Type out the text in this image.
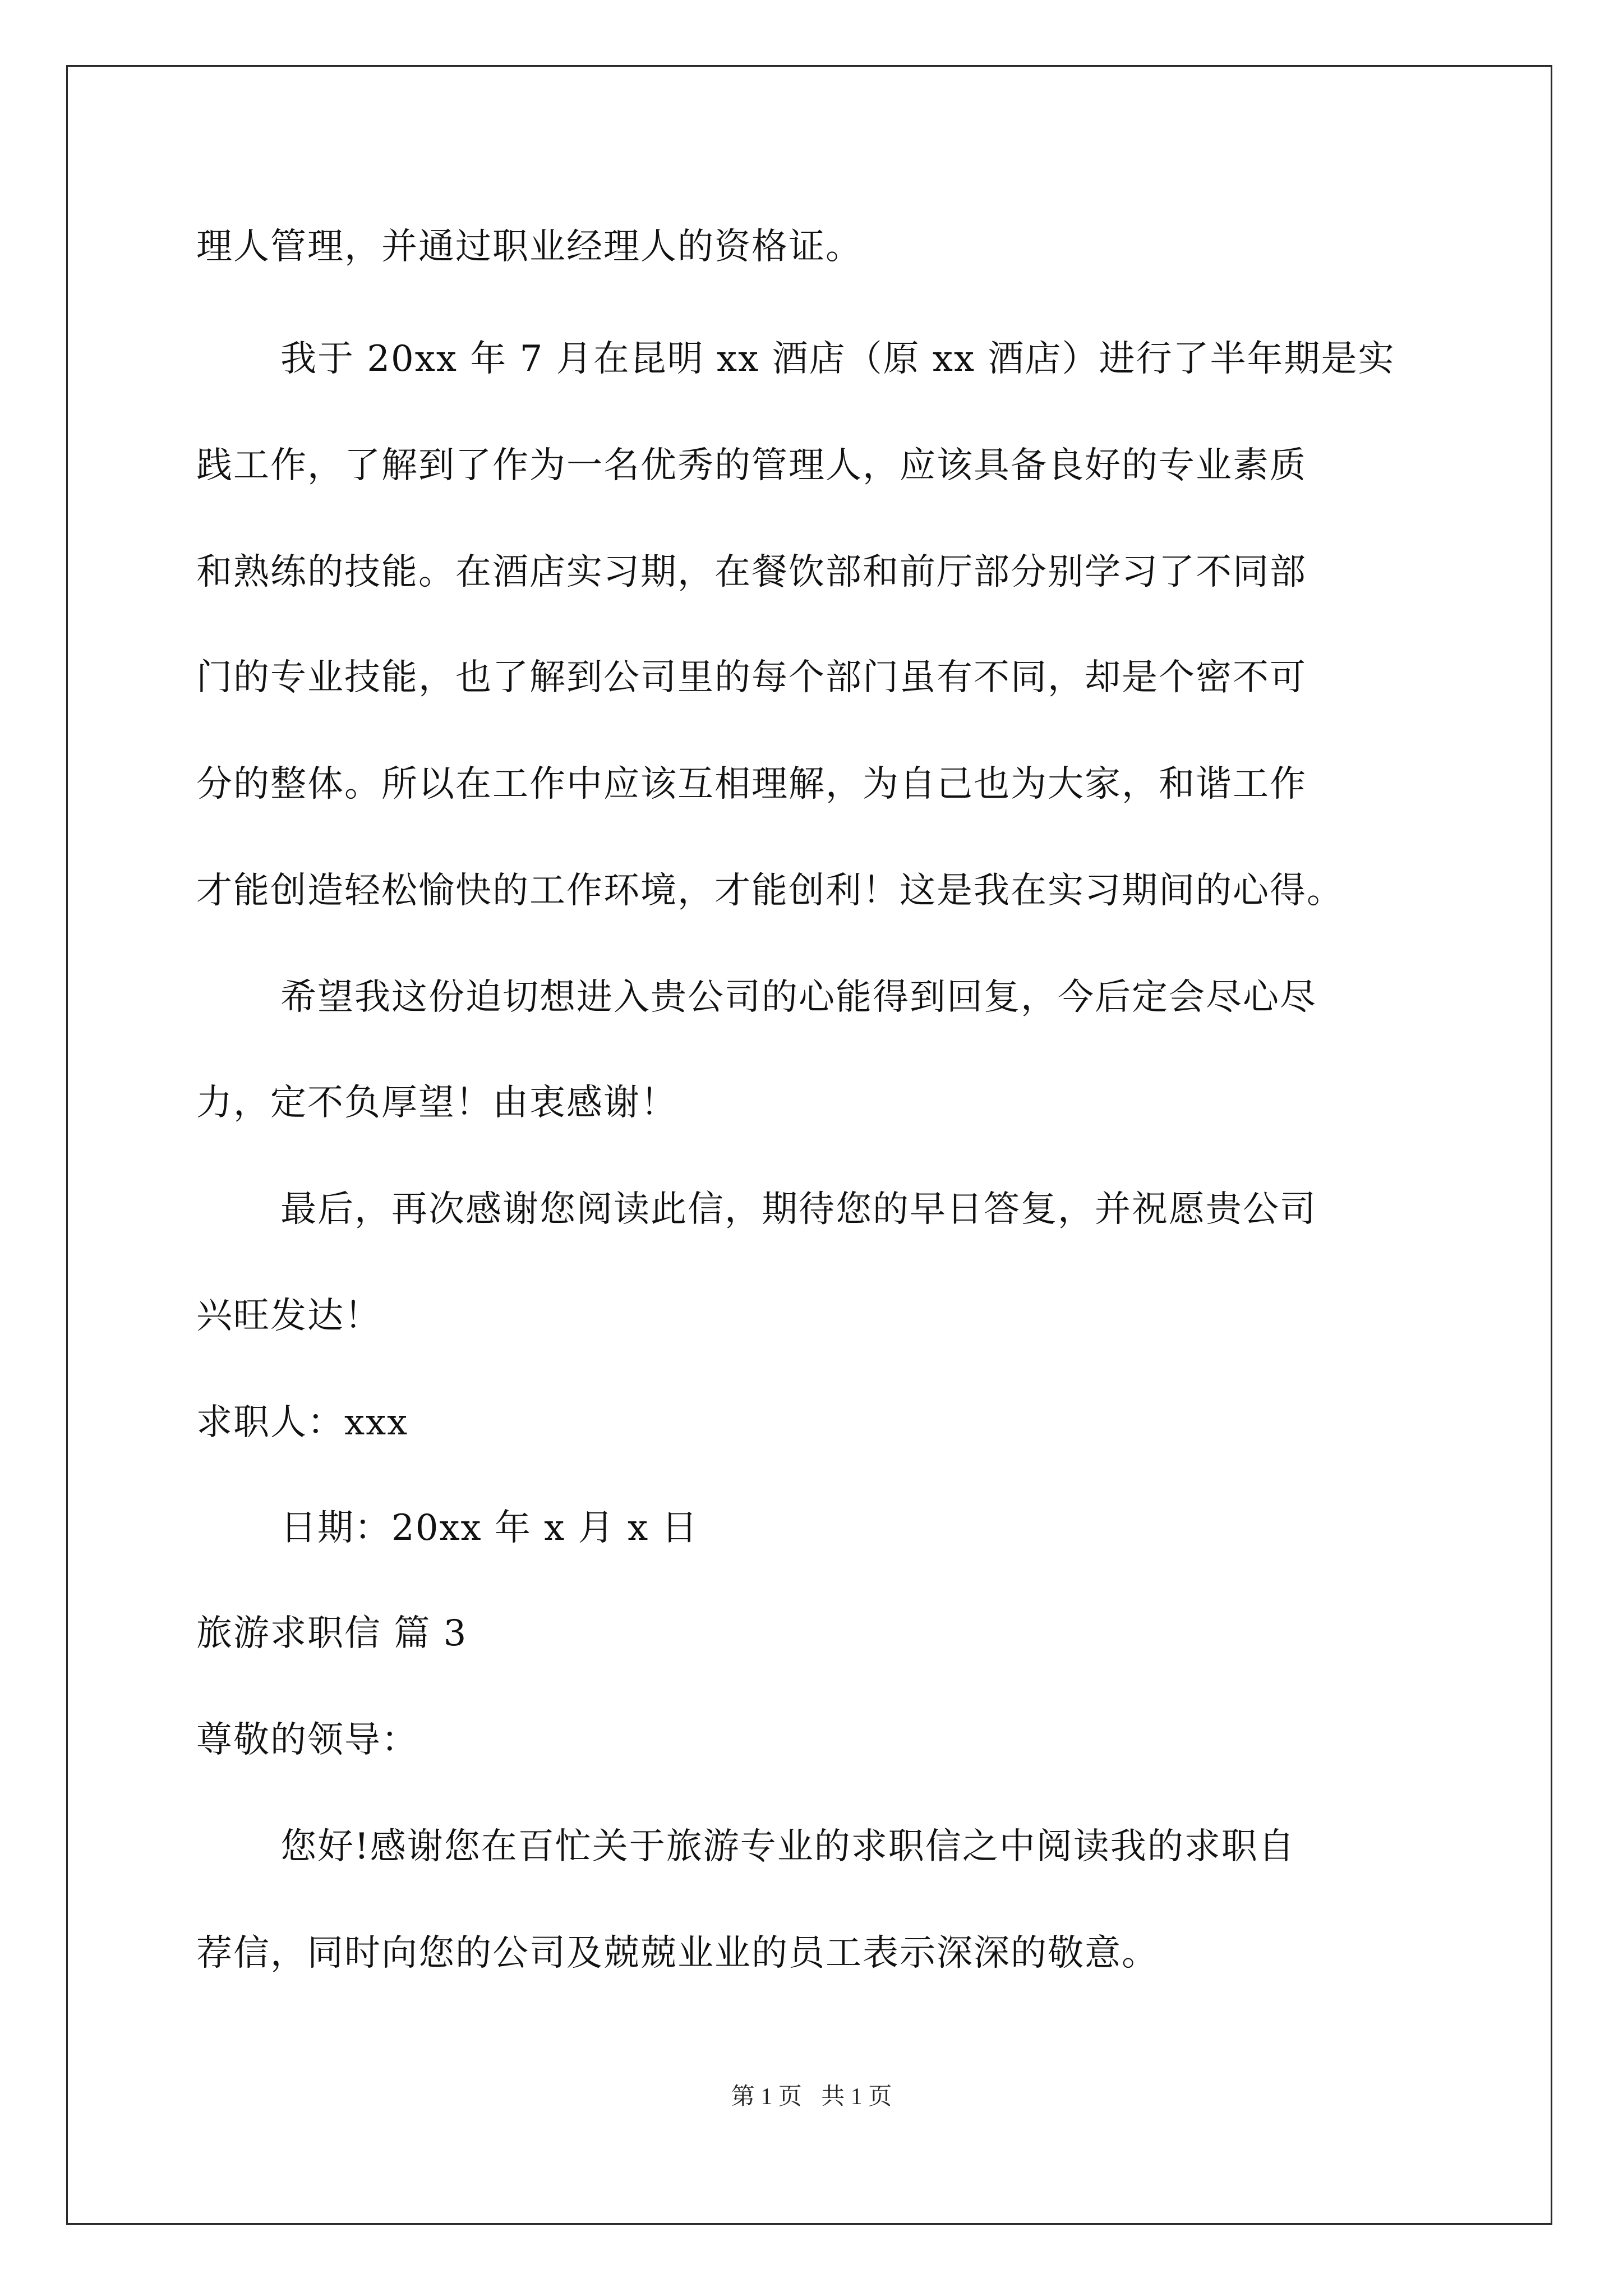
理人管理，并通过职业经理人的资格证。
我于 20xx 年 7 月在昆明 xx 酒店（原 xx 酒店）进行了半年期是实
践工作，了解到了作为一名优秀的管理人，应该具备良好的专业素质
和熟练的技能。在酒店实习期，在餐饮部和前厅部分别学习了不同部
门的专业技能，也了解到公司里的每个部门虽有不同，却是个密不可
分的整体。所以在工作中应该互相理解，为自己也为大家，和谐工作
才能创造轻松愉快的工作环境，才能创利！这是我在实习期间的心得。
希望我这份迫切想进入贵公司的心能得到回复，今后定会尽心尽
力，定不负厚望！由衷感谢！
最后，再次感谢您阅读此信，期待您的早日答复，并祝愿贵公司
兴旺发达！
求职人：xxx
日期：20xx 年 x 月 x 日
旅游求职信 篇 3
尊敬的领导：
您好!感谢您在百忙关于旅游专业的求职信之中阅读我的求职自
荐信，同时向您的公司及兢兢业业的员工表示深深的敬意。
第 1 页 共 1 页
